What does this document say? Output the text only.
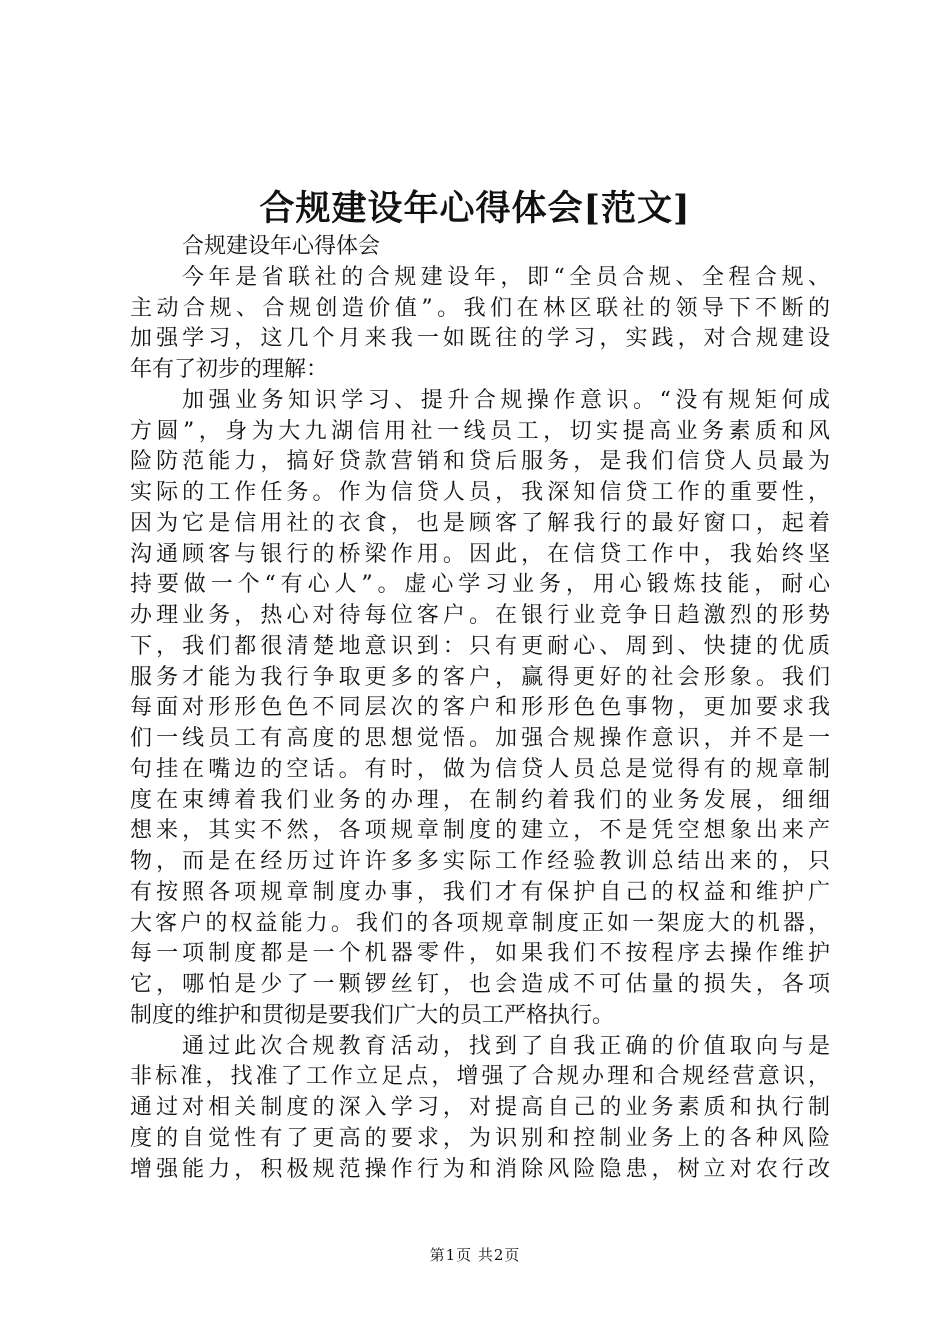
合规建设年心得体会[范文]
合规建设年心得体会
今年是省联社的合规建设年，即“全员合规、全程合规、
主动合规、合规创造价值”。我们在林区联社的领导下不断的
加强学习，这几个月来我一如既往的学习，实践，对合规建设
年有了初步的理解：
加强业务知识学习、提升合规操作意识。“没有规矩何成
方圆”，身为大九湖信用社一线员工，切实提高业务素质和风
险防范能力，搞好贷款营销和贷后服务，是我们信贷人员最为
实际的工作任务。作为信贷人员，我深知信贷工作的重要性，
因为它是信用社的衣食，也是顾客了解我行的最好窗口，起着
沟通顾客与银行的桥梁作用。因此，在信贷工作中，我始终坚
持要做一个“有心人”。虚心学习业务，用心锻炼技能，耐心
办理业务，热心对待每位客户。在银行业竞争日趋激烈的形势
下，我们都很清楚地意识到：只有更耐心、周到、快捷的优质
服务才能为我行争取更多的客户，赢得更好的社会形象。我们
每面对形形色色不同层次的客户和形形色色事物，更加要求我
们一线员工有高度的思想觉悟。加强合规操作意识，并不是一
句挂在嘴边的空话。有时，做为信贷人员总是觉得有的规章制
度在束缚着我们业务的办理，在制约着我们的业务发展，细细
想来，其实不然，各项规章制度的建立，不是凭空想象出来产
物，而是在经历过许许多多实际工作经验教训总结出来的，只
有按照各项规章制度办事，我们才有保护自己的权益和维护广
大客户的权益能力。我们的各项规章制度正如一架庞大的机器，
每一项制度都是一个机器零件，如果我们不按程序去操作维护
它，哪怕是少了一颗锣丝钉，也会造成不可估量的损失，各项
制度的维护和贯彻是要我们广大的员工严格执行。
通过此次合规教育活动，找到了自我正确的价值取向与是
非标准，找准了工作立足点，增强了合规办理和合规经营意识，
通过对相关制度的深入学习，对提高自己的业务素质和执行制
度的自觉性有了更高的要求，为识别和控制业务上的各种风险
增强能力，积极规范操作行为和消除风险隐患，树立对农行改
第1页 共2页
